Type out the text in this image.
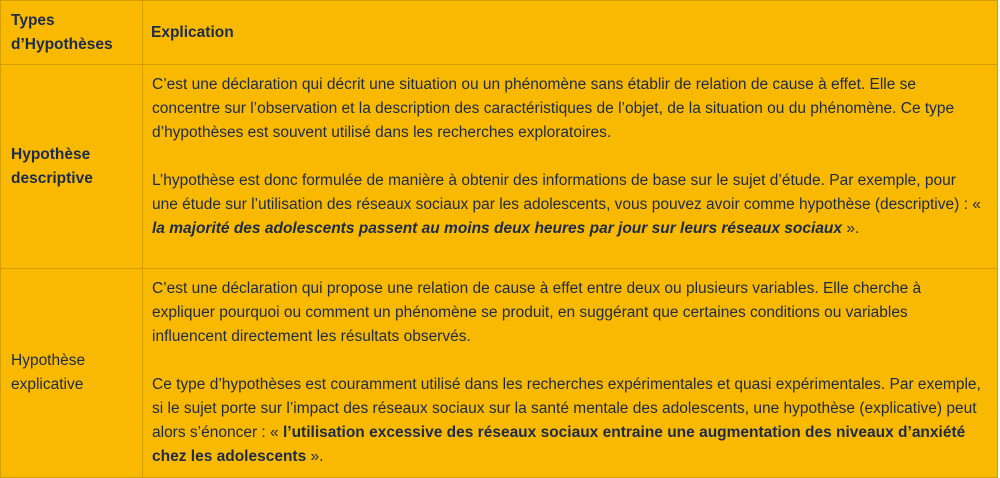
Types d’Hypothèses	Explication
Hypothèse descriptive	C’est une déclaration qui décrit une situation ou un phénomène sans établir de relation de cause à effet. Elle se concentre sur l’observation et la description des caractéristiques de l’objet, de la situation ou du phénomène. Ce type d’hypothèses est souvent utilisé dans les recherches exploratoires.

L’hypothèse est donc formulée de manière à obtenir des informations de base sur le sujet d’étude. Par exemple, pour une étude sur l’utilisation des réseaux sociaux par les adolescents, vous pouvez avoir comme hypothèse (descriptive) : « la majorité des adolescents passent au moins deux heures par jour sur leurs réseaux sociaux ».

Hypothèse explicative	C’est une déclaration qui propose une relation de cause à effet entre deux ou plusieurs variables. Elle cherche à expliquer pourquoi ou comment un phénomène se produit, en suggérant que certaines conditions ou variables influencent directement les résultats observés.

Ce type d’hypothèses est couramment utilisé dans les recherches expérimentales et quasi expérimentales. Par exemple, si le sujet porte sur l’impact des réseaux sociaux sur la santé mentale des adolescents, une hypothèse (explicative) peut alors s’énoncer : « l’utilisation excessive des réseaux sociaux entraine une augmentation des niveaux d’anxiété chez les adolescents ».
